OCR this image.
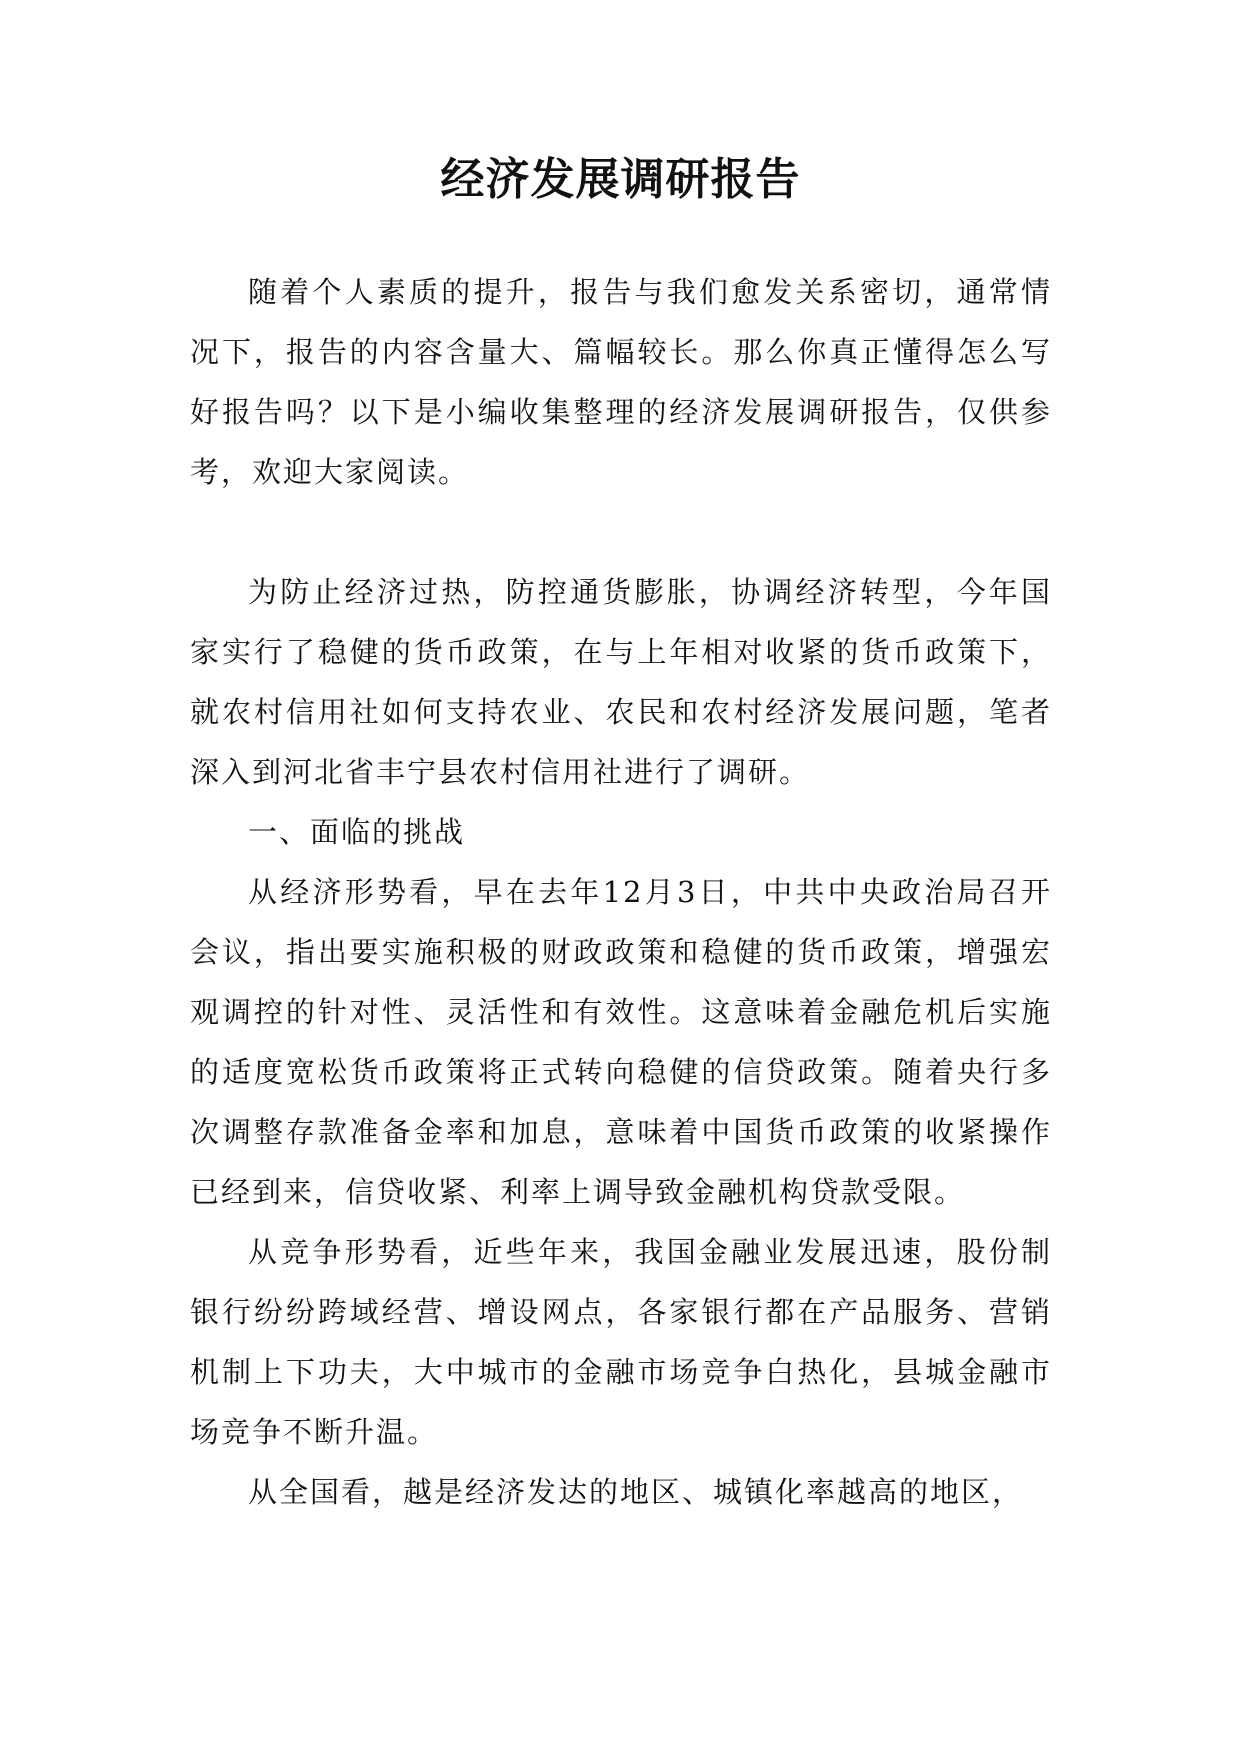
经济发展调研报告

随着个人素质的提升，报告与我们愈发关系密切，通常情况下，报告的内容含量大、篇幅较长。那么你真正懂得怎么写好报告吗？以下是小编收集整理的经济发展调研报告，仅供参考，欢迎大家阅读。

为防止经济过热，防控通货膨胀，协调经济转型，今年国家实行了稳健的货币政策，在与上年相对收紧的货币政策下，就农村信用社如何支持农业、农民和农村经济发展问题，笔者深入到河北省丰宁县农村信用社进行了调研。

一、面临的挑战

从经济形势看，早在去年12月3日，中共中央政治局召开会议，指出要实施积极的财政政策和稳健的货币政策，增强宏观调控的针对性、灵活性和有效性。这意味着金融危机后实施的适度宽松货币政策将正式转向稳健的信贷政策。随着央行多次调整存款准备金率和加息，意味着中国货币政策的收紧操作已经到来，信贷收紧、利率上调导致金融机构贷款受限。

从竞争形势看，近些年来，我国金融业发展迅速，股份制银行纷纷跨域经营、增设网点，各家银行都在产品服务、营销机制上下功夫，大中城市的金融市场竞争白热化，县城金融市场竞争不断升温。

从全国看，越是经济发达的地区、城镇化率越高的地区，
